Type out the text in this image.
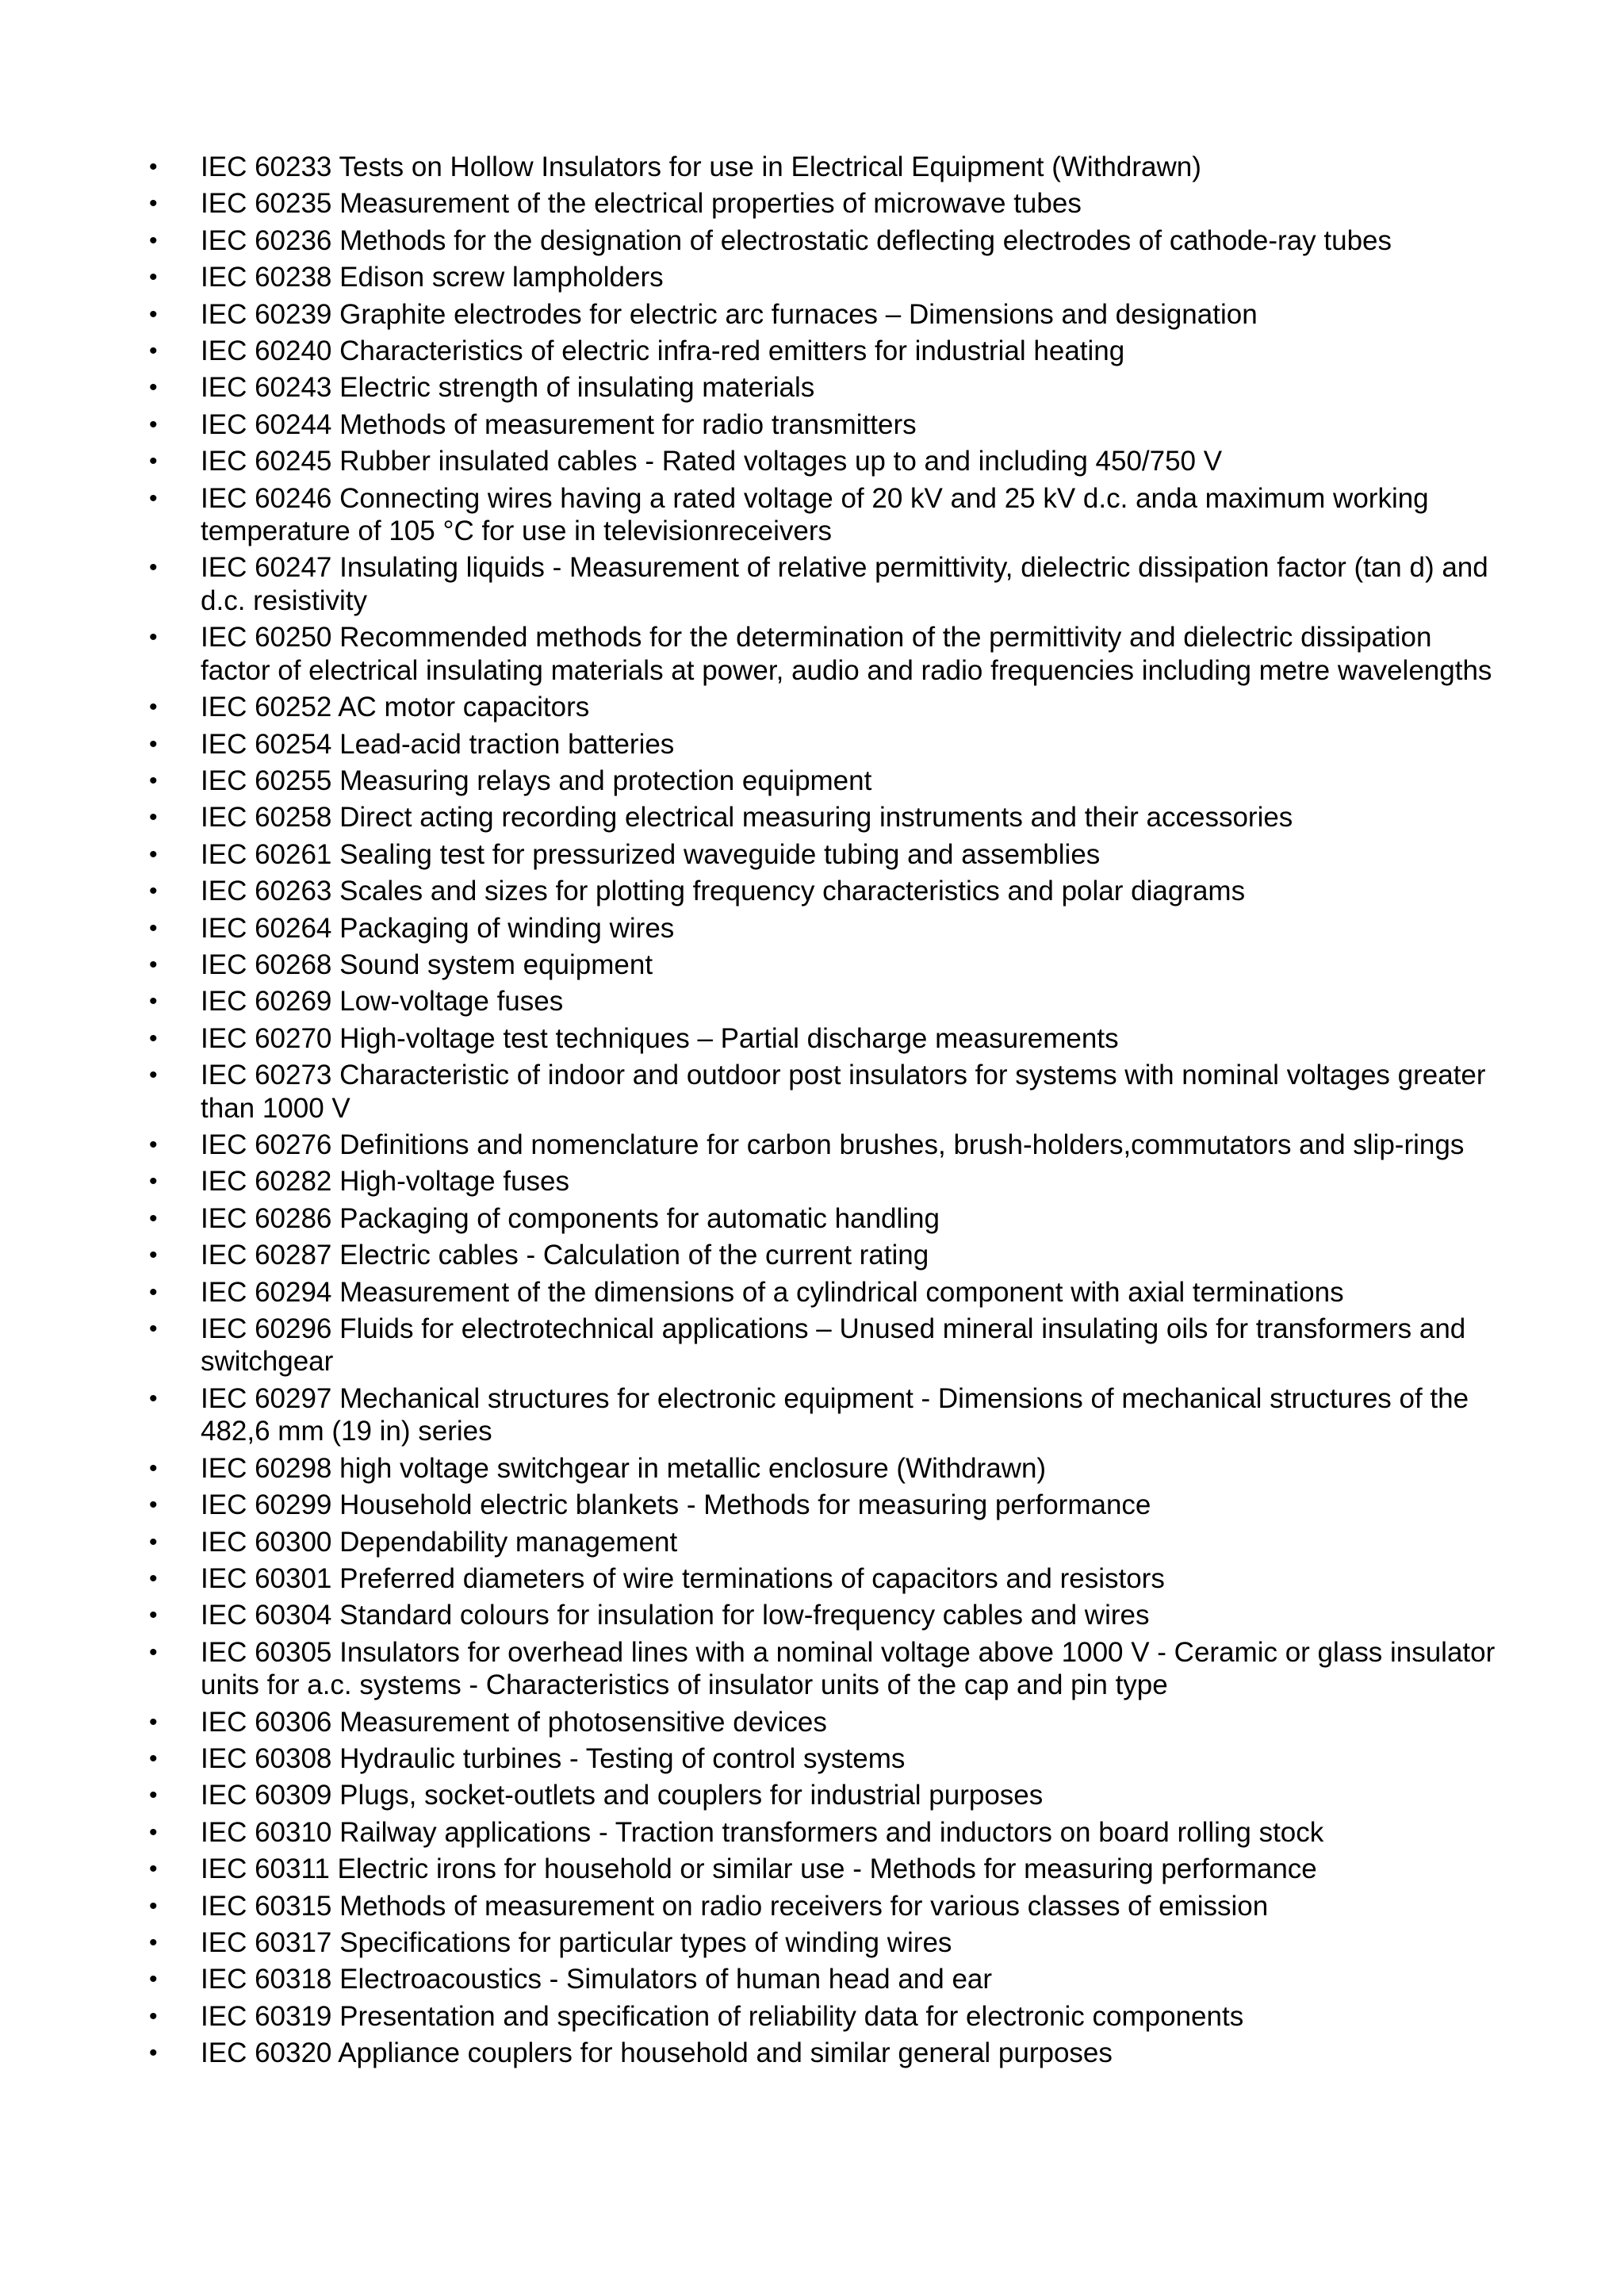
• IEC 60233 Tests on Hollow Insulators for use in Electrical Equipment (Withdrawn)
• IEC 60235 Measurement of the electrical properties of microwave tubes
• IEC 60236 Methods for the designation of electrostatic deflecting electrodes of cathode-ray tubes
• IEC 60238 Edison screw lampholders
• IEC 60239 Graphite electrodes for electric arc furnaces – Dimensions and designation
• IEC 60240 Characteristics of electric infra-red emitters for industrial heating
• IEC 60243 Electric strength of insulating materials
• IEC 60244 Methods of measurement for radio transmitters
• IEC 60245 Rubber insulated cables - Rated voltages up to and including 450/750 V
• IEC 60246 Connecting wires having a rated voltage of 20 kV and 25 kV d.c. anda maximum working temperature of 105 °C for use in televisionreceivers
• IEC 60247 Insulating liquids - Measurement of relative permittivity, dielectric dissipation factor (tan d) and d.c. resistivity
• IEC 60250 Recommended methods for the determination of the permittivity and dielectric dissipation factor of electrical insulating materials at power, audio and radio frequencies including metre wavelengths
• IEC 60252 AC motor capacitors
• IEC 60254 Lead-acid traction batteries
• IEC 60255 Measuring relays and protection equipment
• IEC 60258 Direct acting recording electrical measuring instruments and their accessories
• IEC 60261 Sealing test for pressurized waveguide tubing and assemblies
• IEC 60263 Scales and sizes for plotting frequency characteristics and polar diagrams
• IEC 60264 Packaging of winding wires
• IEC 60268 Sound system equipment
• IEC 60269 Low-voltage fuses
• IEC 60270 High-voltage test techniques – Partial discharge measurements
• IEC 60273 Characteristic of indoor and outdoor post insulators for systems with nominal voltages greater than 1000 V
• IEC 60276 Definitions and nomenclature for carbon brushes, brush-holders,commutators and slip-rings
• IEC 60282 High-voltage fuses
• IEC 60286 Packaging of components for automatic handling
• IEC 60287 Electric cables - Calculation of the current rating
• IEC 60294 Measurement of the dimensions of a cylindrical component with axial terminations
• IEC 60296 Fluids for electrotechnical applications – Unused mineral insulating oils for transformers and switchgear
• IEC 60297 Mechanical structures for electronic equipment - Dimensions of mechanical structures of the 482,6 mm (19 in) series
• IEC 60298 high voltage switchgear in metallic enclosure (Withdrawn)
• IEC 60299 Household electric blankets - Methods for measuring performance
• IEC 60300 Dependability management
• IEC 60301 Preferred diameters of wire terminations of capacitors and resistors
• IEC 60304 Standard colours for insulation for low-frequency cables and wires
• IEC 60305 Insulators for overhead lines with a nominal voltage above 1000 V - Ceramic or glass insulator units for a.c. systems - Characteristics of insulator units of the cap and pin type
• IEC 60306 Measurement of photosensitive devices
• IEC 60308 Hydraulic turbines - Testing of control systems
• IEC 60309 Plugs, socket-outlets and couplers for industrial purposes
• IEC 60310 Railway applications - Traction transformers and inductors on board rolling stock
• IEC 60311 Electric irons for household or similar use - Methods for measuring performance
• IEC 60315 Methods of measurement on radio receivers for various classes of emission
• IEC 60317 Specifications for particular types of winding wires
• IEC 60318 Electroacoustics - Simulators of human head and ear
• IEC 60319 Presentation and specification of reliability data for electronic components
• IEC 60320 Appliance couplers for household and similar general purposes
